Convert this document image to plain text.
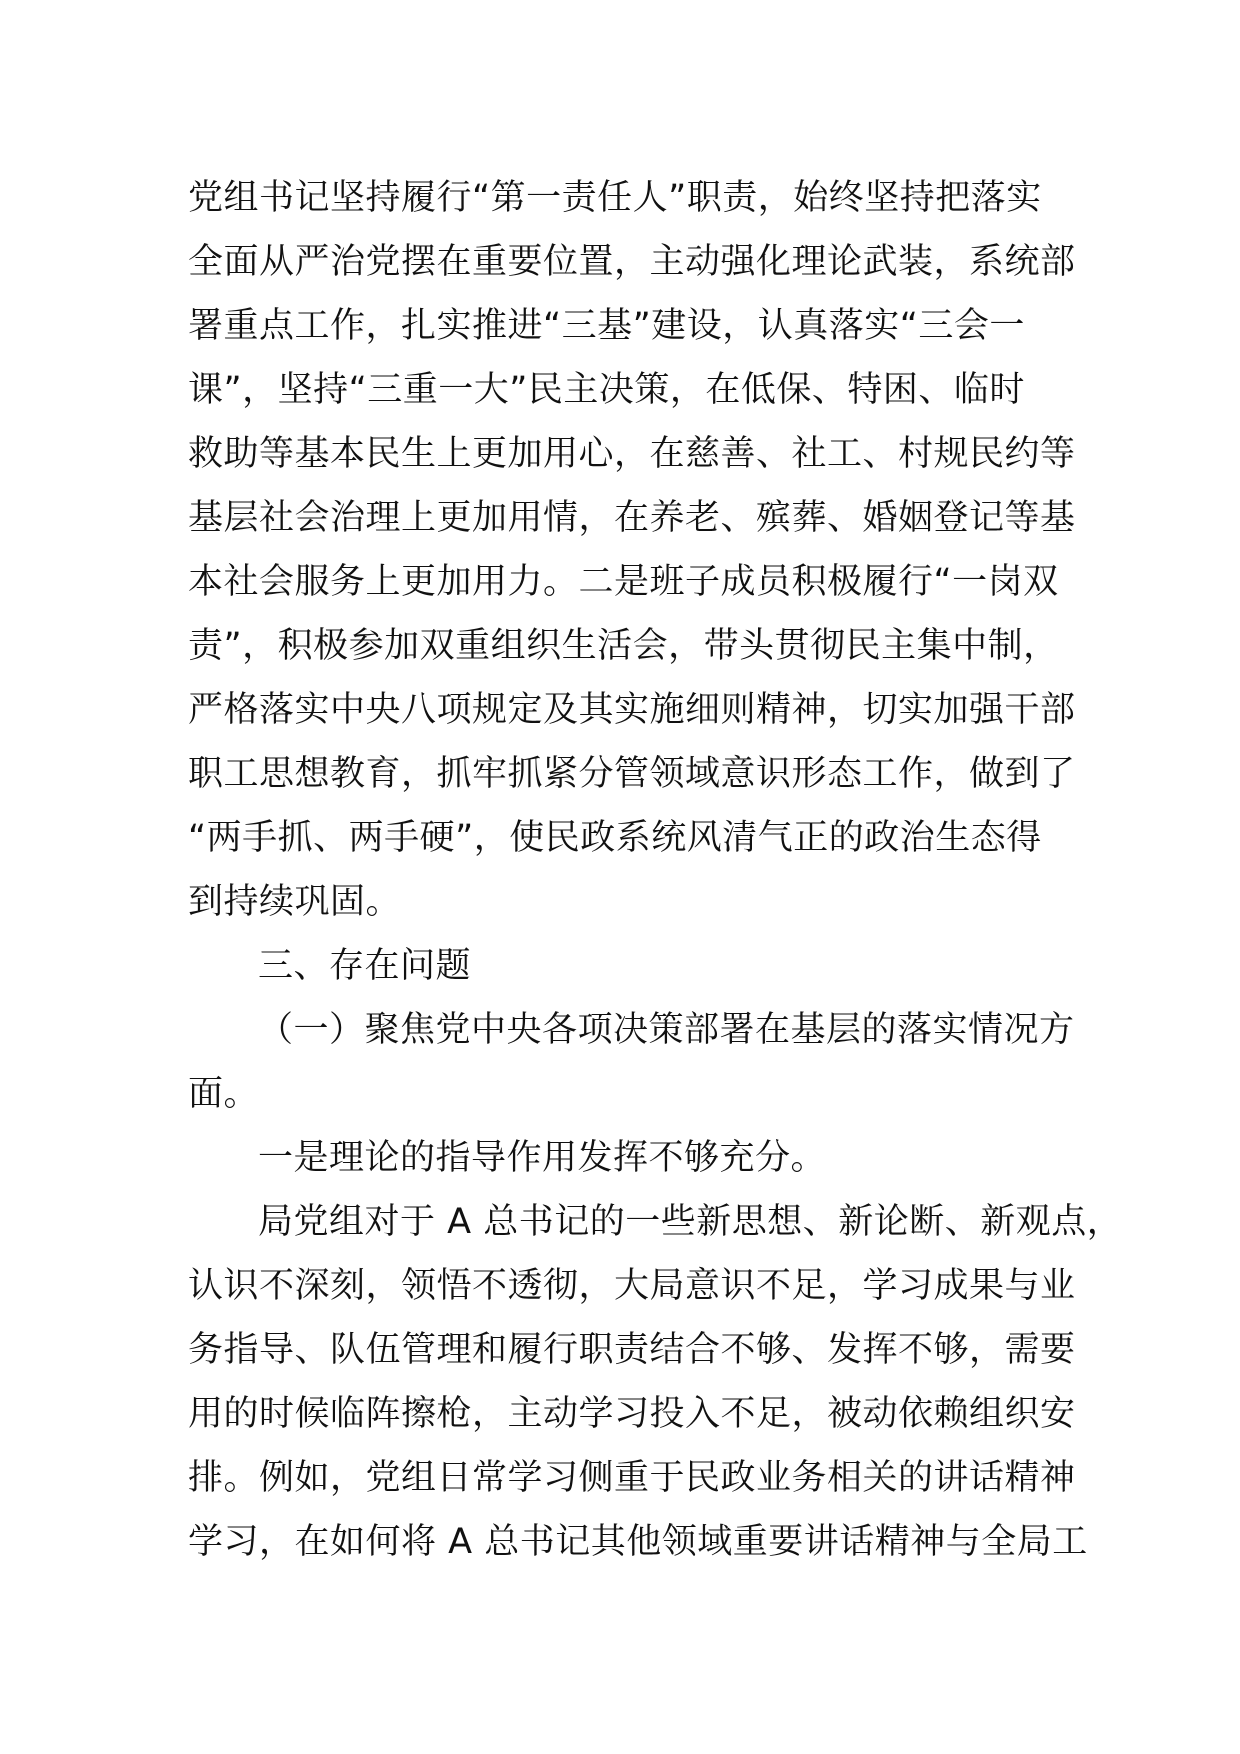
党组书记坚持履行“第一责任人”职责，始终坚持把落实
全面从严治党摆在重要位置，主动强化理论武装，系统部
署重点工作，扎实推进“三基”建设，认真落实“三会一
课”，坚持“三重一大”民主决策，在低保、特困、临时
救助等基本民生上更加用心，在慈善、社工、村规民约等
基层社会治理上更加用情，在养老、殡葬、婚姻登记等基
本社会服务上更加用力。二是班子成员积极履行“一岗双
责”，积极参加双重组织生活会，带头贯彻民主集中制，
严格落实中央八项规定及其实施细则精神，切实加强干部
职工思想教育，抓牢抓紧分管领域意识形态工作，做到了
“两手抓、两手硬”，使民政系统风清气正的政治生态得
到持续巩固。
三、存在问题
（一）聚焦党中央各项决策部署在基层的落实情况方
面。
一是理论的指导作用发挥不够充分。
局党组对于 A 总书记的一些新思想、新论断、新观点，
认识不深刻，领悟不透彻，大局意识不足，学习成果与业
务指导、队伍管理和履行职责结合不够、发挥不够，需要
用的时候临阵擦枪，主动学习投入不足，被动依赖组织安
排。例如，党组日常学习侧重于民政业务相关的讲话精神
学习，在如何将 A 总书记其他领域重要讲话精神与全局工
